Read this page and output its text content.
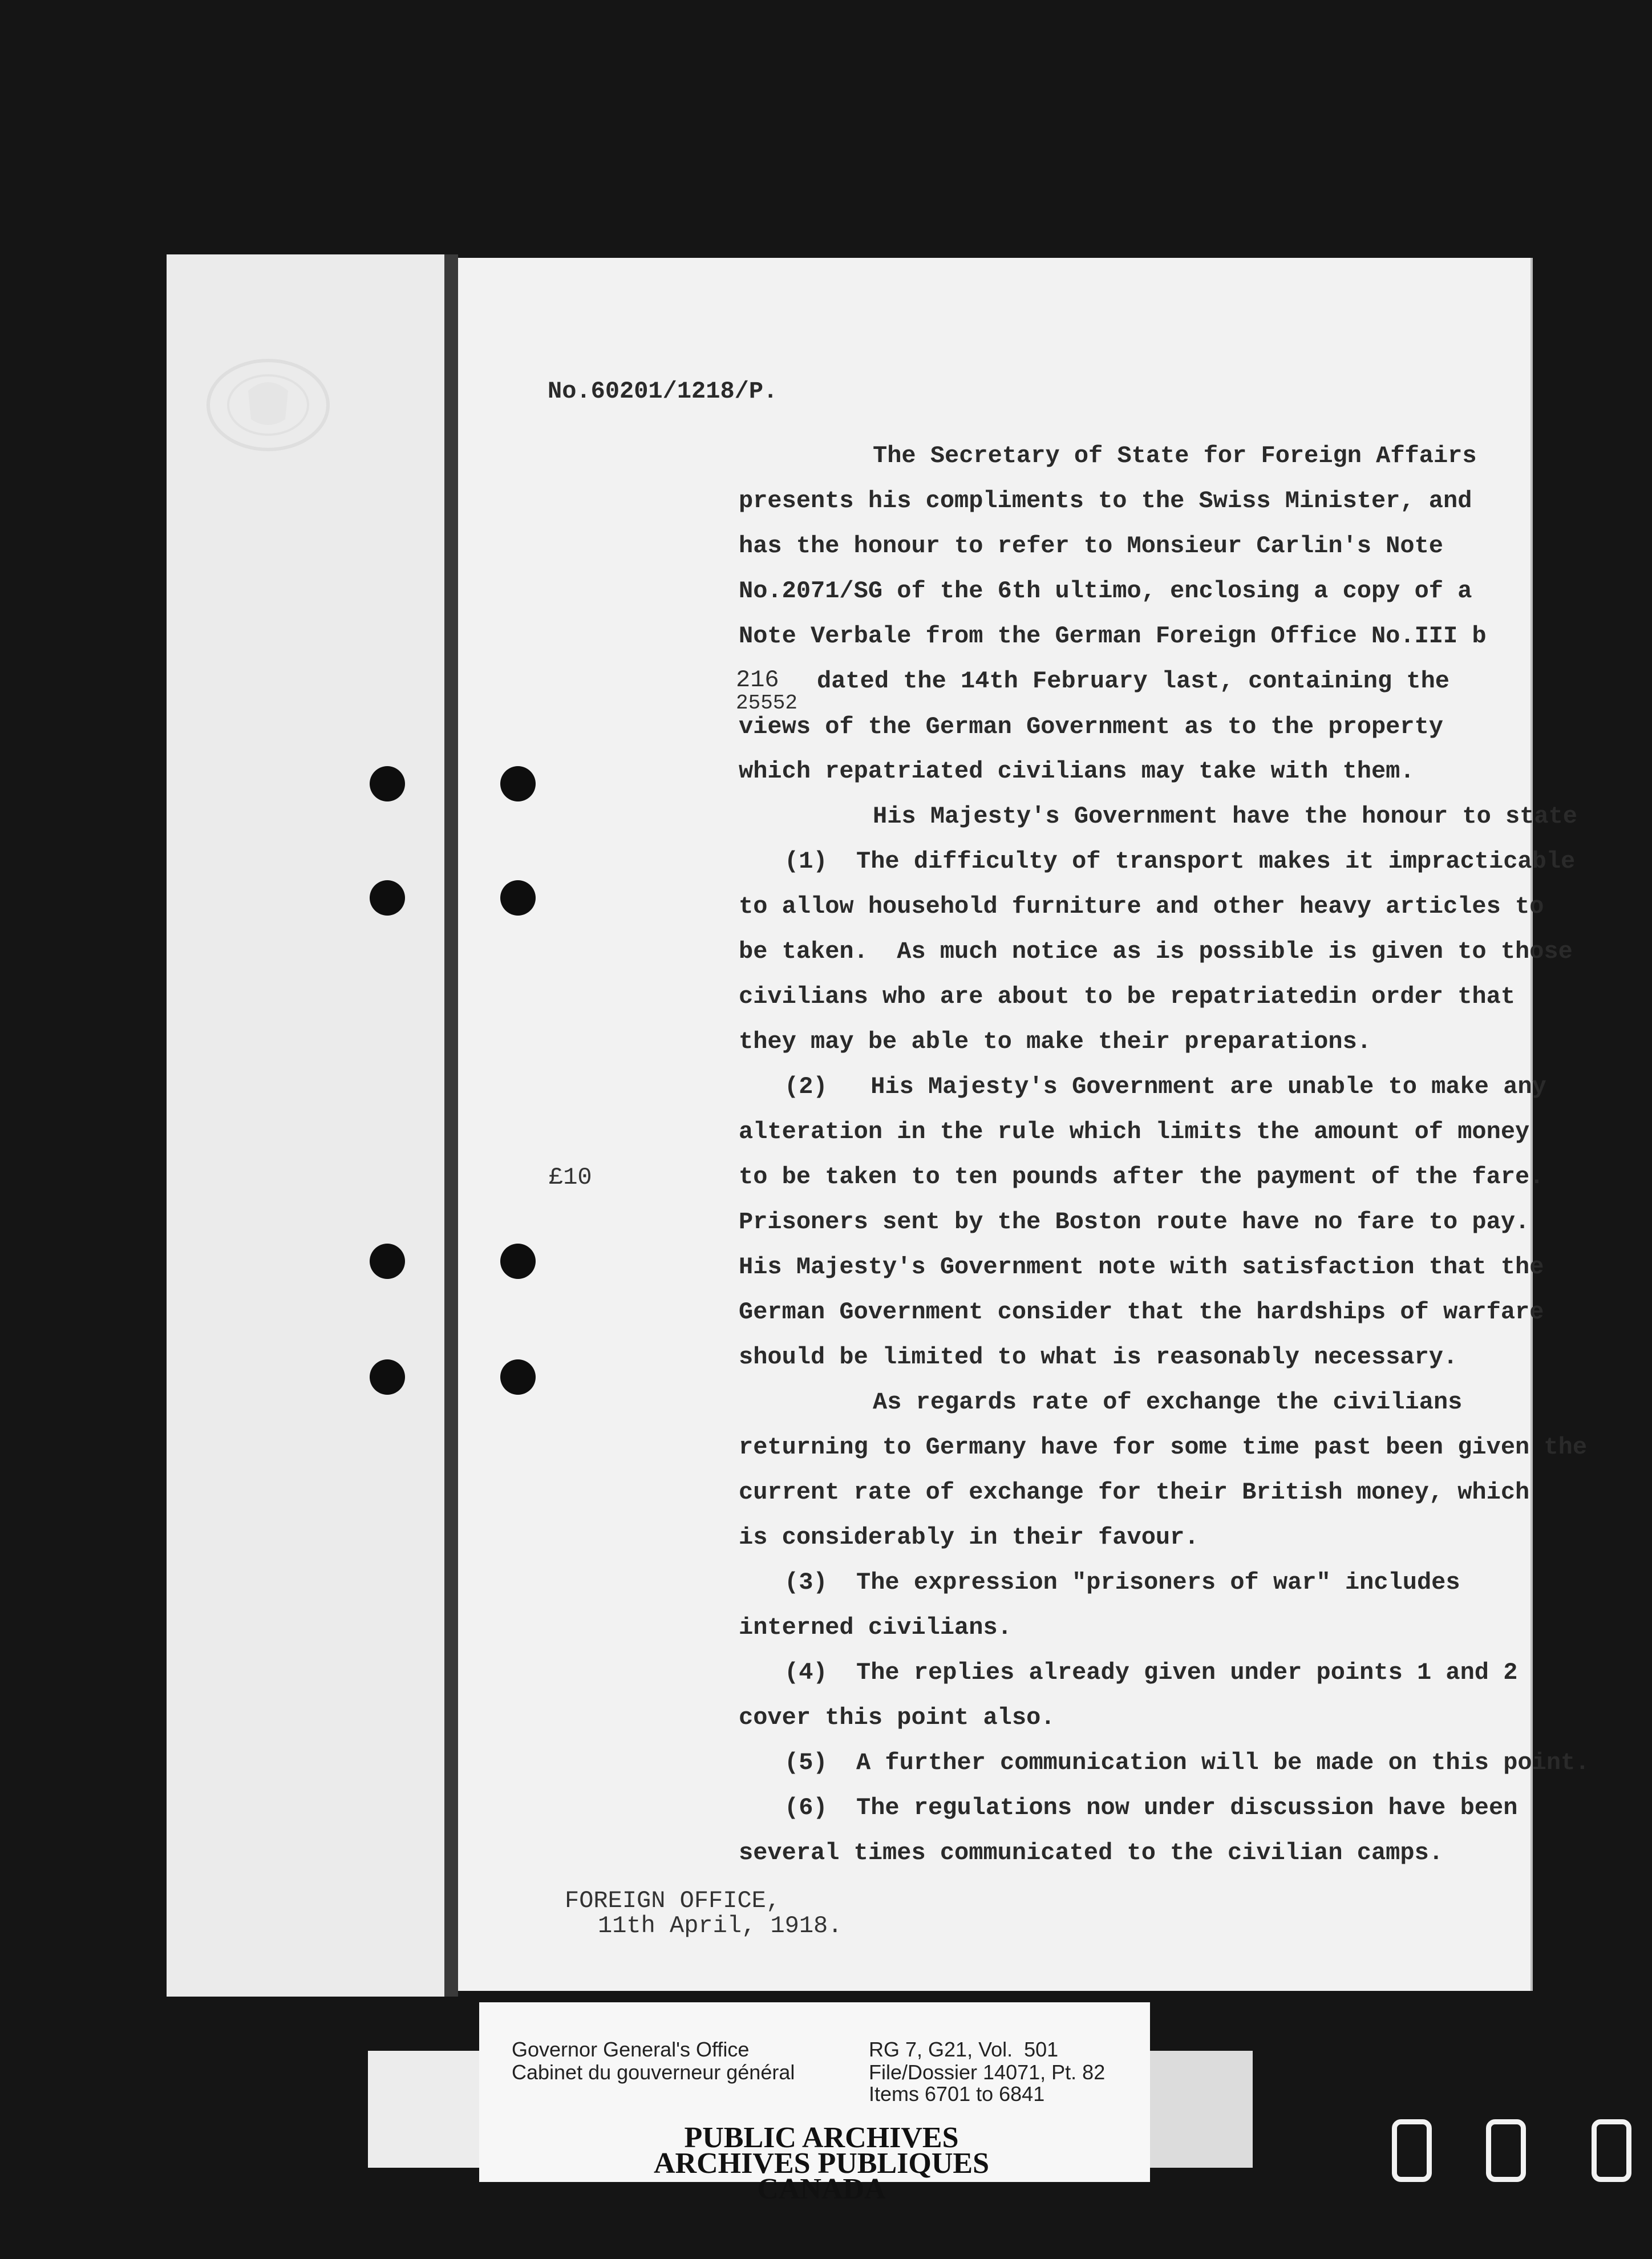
No.60201/1218/P.
The Secretary of State for Foreign Affairs
presents his compliments to the Swiss Minister, and
has the honour to refer to Monsieur Carlin's Note
No.2071/SG of the 6th ultimo, enclosing a copy of a
Note Verbale from the German Foreign Office No.III b
216
25552
dated the 14th February last, containing the
views of the German Government as to the property
which repatriated civilians may take with them.
His Majesty's Government have the honour to state
(1)  The difficulty of transport makes it impracticable
to allow household furniture and other heavy articles to
be taken.  As much notice as is possible is given to those
civilians who are about to be repatriatedin order that
they may be able to make their preparations.
(2)   His Majesty's Government are unable to make any
alteration in the rule which limits the amount of money
£10	to be taken to ten pounds after the payment of the fare.
Prisoners sent by the Boston route have no fare to pay.
His Majesty's Government note with satisfaction that the
German Government consider that the hardships of warfare
should be limited to what is reasonably necessary.
As regards rate of exchange the civilians
returning to Germany have for some time past been given the
current rate of exchange for their British money, which
is considerably in their favour.
(3)  The expression "prisoners of war" includes
interned civilians.
(4)  The replies already given under points 1 and 2
cover this point also.
(5)  A further communication will be made on this point.
(6)  The regulations now under discussion have been
several times communicated to the civilian camps.
FOREIGN OFFICE,
11th April, 1918.
Governor General's Office
Cabinet du gouverneur général
RG 7, G21, Vol.  501
File/Dossier 14071, Pt. 82
Items 6701 to 6841
PUBLIC ARCHIVES
ARCHIVES PUBLIQUES
CANADA
